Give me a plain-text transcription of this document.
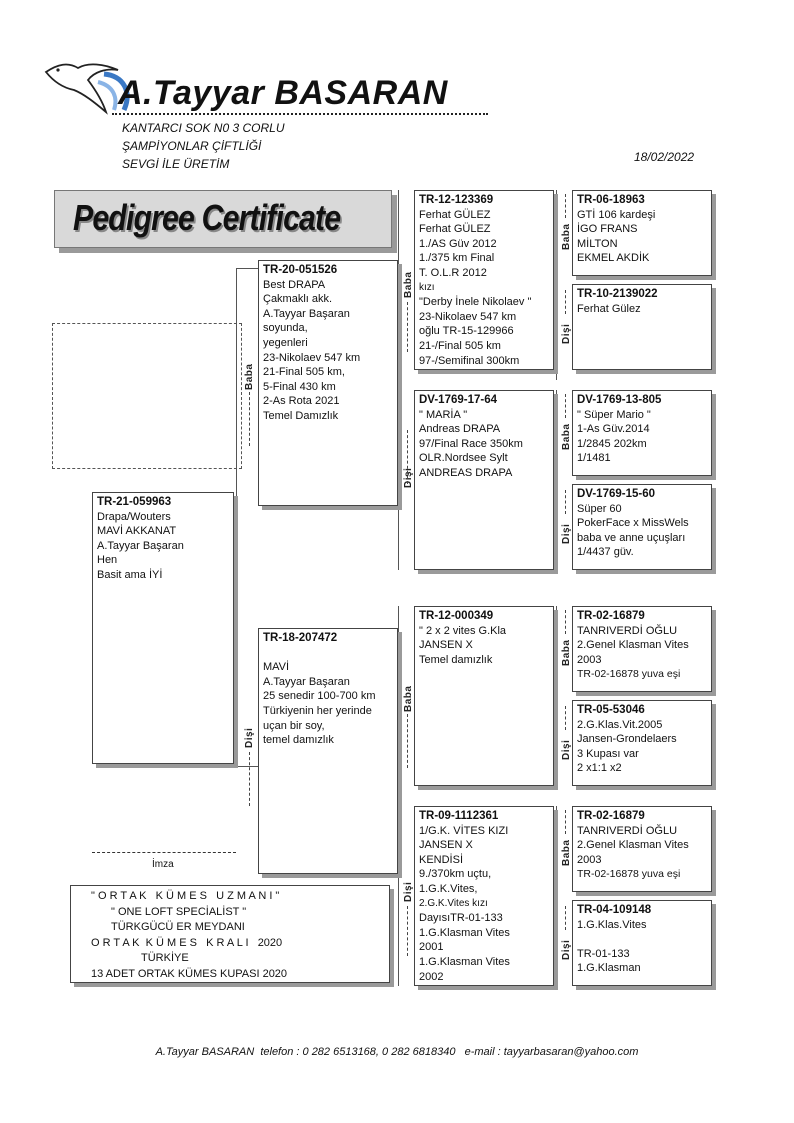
A.Tayyar BASARAN
KANTARCI SOK N0 3 CORLU
ŞAMPİYONLAR ÇİFTLİĞİ
SEVGİ İLE ÜRETİM	18/02/2022
Pedigree Certificate
TR-21-059963
Drapa/Wouters
MAVİ AKKANAT
A.Tayyar Başaran
Hen
Basit ama İYİ
TR-20-051526
Best DRAPA
Çakmaklı akk.
A.Tayyar Başaran
soyunda,
yegenleri
23-Nikolaev 547 km
21-Final 505 km,
5-Final 430 km
2-As Rota 2021
Temel Damızlık
Baba
TR-18-207472
MAVİ
A.Tayyar Başaran
25 senedir 100-700 km
Türkiyenin her yerinde
uçan bir soy,
temel damızlık
Dişi
TR-12-123369
Ferhat GÜLEZ
Ferhat GÜLEZ
1./AS Güv 2012
1./375 km Final
T. O.L.R 2012
kızı
"Derby İnele Nikolaev "
23-Nikolaev 547 km
oğlu TR-15-129966
21-/Final 505 km
97-/Semifinal 300km
Baba
DV-1769-17-64
" MARİA "
Andreas DRAPA
97/Final Race 350km
OLR.Nordsee Sylt
ANDREAS DRAPA
Dişi
TR-12-000349
" 2 x 2 vites G.Kla
JANSEN X
Temel damızlık
Baba
TR-09-1112361
1/G.K. VİTES KIZI
JANSEN X
KENDİSİ
9./370km uçtu,
1.G.K.Vites,
2.G.K.Vites kızı
DayısıTR-01-133
1.G.Klasman Vites
2001
1.G.Klasman Vites
2002
Dişi
TR-06-18963
GTİ 106 kardeşi
İGO FRANS
MİLTON
EKMEL AKDİK
Baba
TR-10-2139022
Ferhat Gülez
Dişi
DV-1769-13-805
" Süper Mario "
1-As Güv.2014
1/2845 202km
1/1481
Baba
DV-1769-15-60
Süper 60
PokerFace x MissWels
baba ve anne uçuşları
1/4437 güv.
Dişi
TR-02-16879
TANRIVERDİ OĞLU
2.Genel Klasman Vites
2003
TR-02-16878 yuva eşi
Baba
TR-05-53046
2.G.Klas.Vit.2005
Jansen-Grondelaers
3 Kupası var
2 x1:1 x2
Dişi
TR-02-16879
TANRIVERDİ OĞLU
2.Genel Klasman Vites
2003
TR-02-16878 yuva eşi
Baba
TR-04-109148
1.G.Klas.Vites
TR-01-133
1.G.Klasman
Dişi
İmza
" O R T A K   K Ü M E S   U Z M A N I "
" ONE LOFT SPECİALİST "
TÜRKGÜCÜ ER MEYDANI
O R T A K  K Ü M E S   K R A L I   2020
TÜRKİYE
13 ADET ORTAK KÜMES KUPASI 2020
A.Tayyar BASARAN  telefon : 0 282 6513168, 0 282 6818340   e-mail : tayyarbasaran@yahoo.com
